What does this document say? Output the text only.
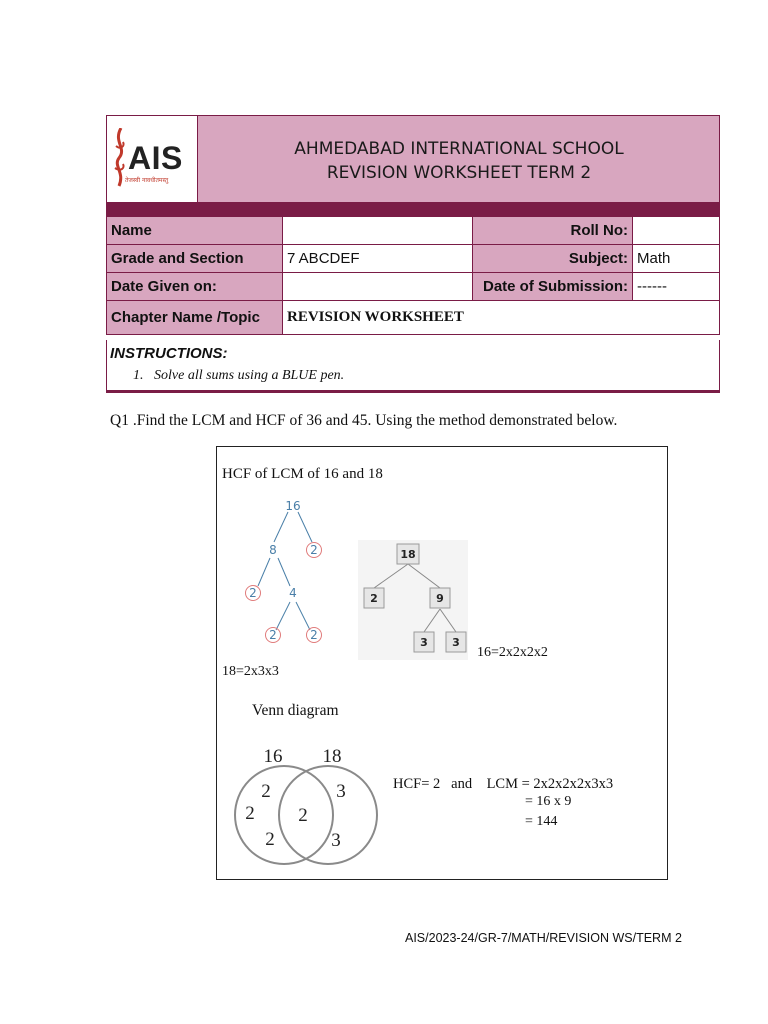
AIS
तेजस्वी नावधीतमस्तु
AHMEDABAD INTERNATIONAL SCHOOL
REVISION WORKSHEET TERM 2
Name		Roll No:	
Grade and Section	7 ABCDEF	Subject:	Math
Date Given on:		Date of Submission:	------
Chapter Name /Topic	REVISION WORKSHEET		
INSTRUCTIONS:
1.   Solve all sums using a BLUE pen.
Q1 .Find the LCM and HCF of 36 and 45. Using the method demonstrated below.
HCF of LCM of 16 and 18
16
8	2
2	4
2	2
18
2	9
3 3
16=2x2x2x2
18=2x3x3
Venn diagram
16 18
2
2
2
2
3
3
HCF= 2   and    LCM = 2x2x2x2x3x3
= 16 x 9
= 144
AIS/2023-24/GR-7/MATH/REVISION WS/TERM 2
